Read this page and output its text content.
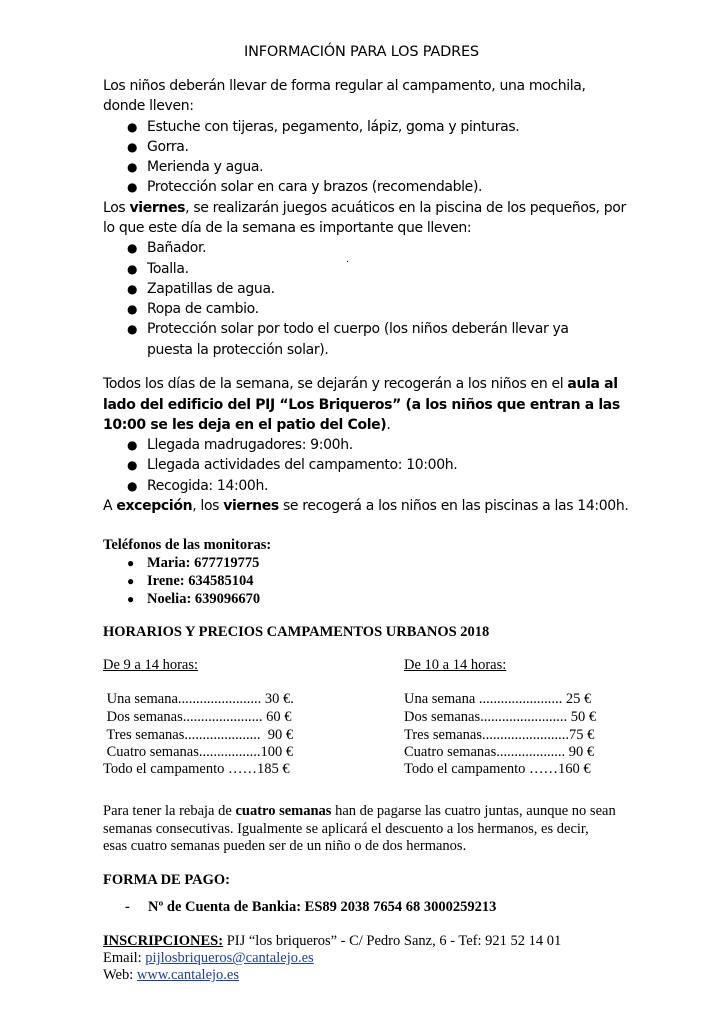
INFORMACIÓN PARA LOS PADRES
Los niños deberán llevar de forma regular al campamento, una mochila,
donde lleven:
● Estuche con tijeras, pegamento, lápiz, goma y pinturas.
● Gorra.
● Merienda y agua.
● Protección solar en cara y brazos (recomendable).
Los viernes, se realizarán juegos acuáticos en la piscina de los pequeños, por
lo que este día de la semana es importante que lleven:
● Bañador.
.
● Toalla.
● Zapatillas de agua.
● Ropa de cambio.
● Protección solar por todo el cuerpo (los niños deberán llevar ya
puesta la protección solar).
Todos los días de la semana, se dejarán y recogerán a los niños en el aula al
lado del edificio del PIJ “Los Briqueros” (a los niños que entran a las
10:00 se les deja en el patio del Cole).
● Llegada madrugadores: 9:00h.
● Llegada actividades del campamento: 10:00h.
● Recogida: 14:00h.
A excepción, los viernes se recogerá a los niños en las piscinas a las 14:00h.
Teléfonos de las monitoras:
● Maria: 677719775
● Irene: 634585104
● Noelia: 639096670
HORARIOS Y PRECIOS CAMPAMENTOS URBANOS 2018
De 9 a 14 horas:
Una semana....................... 30 €.
Dos semanas...................... 60 €
Tres semanas.....................  90 €
Cuatro semanas.................100 €
Todo el campamento ……185 €
De 10 a 14 horas:
Una semana ....................... 25 €
Dos semanas........................ 50 €
Tres semanas........................75 €
Cuatro semanas................... 90 €
Todo el campamento ……160 €
Para tener la rebaja de cuatro semanas han de pagarse las cuatro juntas, aunque no sean
semanas consecutivas. Igualmente se aplicará el descuento a los hermanos, es decir,
esas cuatro semanas pueden ser de un niño o de dos hermanos.
FORMA DE PAGO:
- Nº de Cuenta de Bankia: ES89 2038 7654 68 3000259213
INSCRIPCIONES: PIJ “los briqueros” - C/ Pedro Sanz, 6 - Tef: 921 52 14 01
Email: pijlosbriqueros@cantalejo.es
Web: www.cantalejo.es
